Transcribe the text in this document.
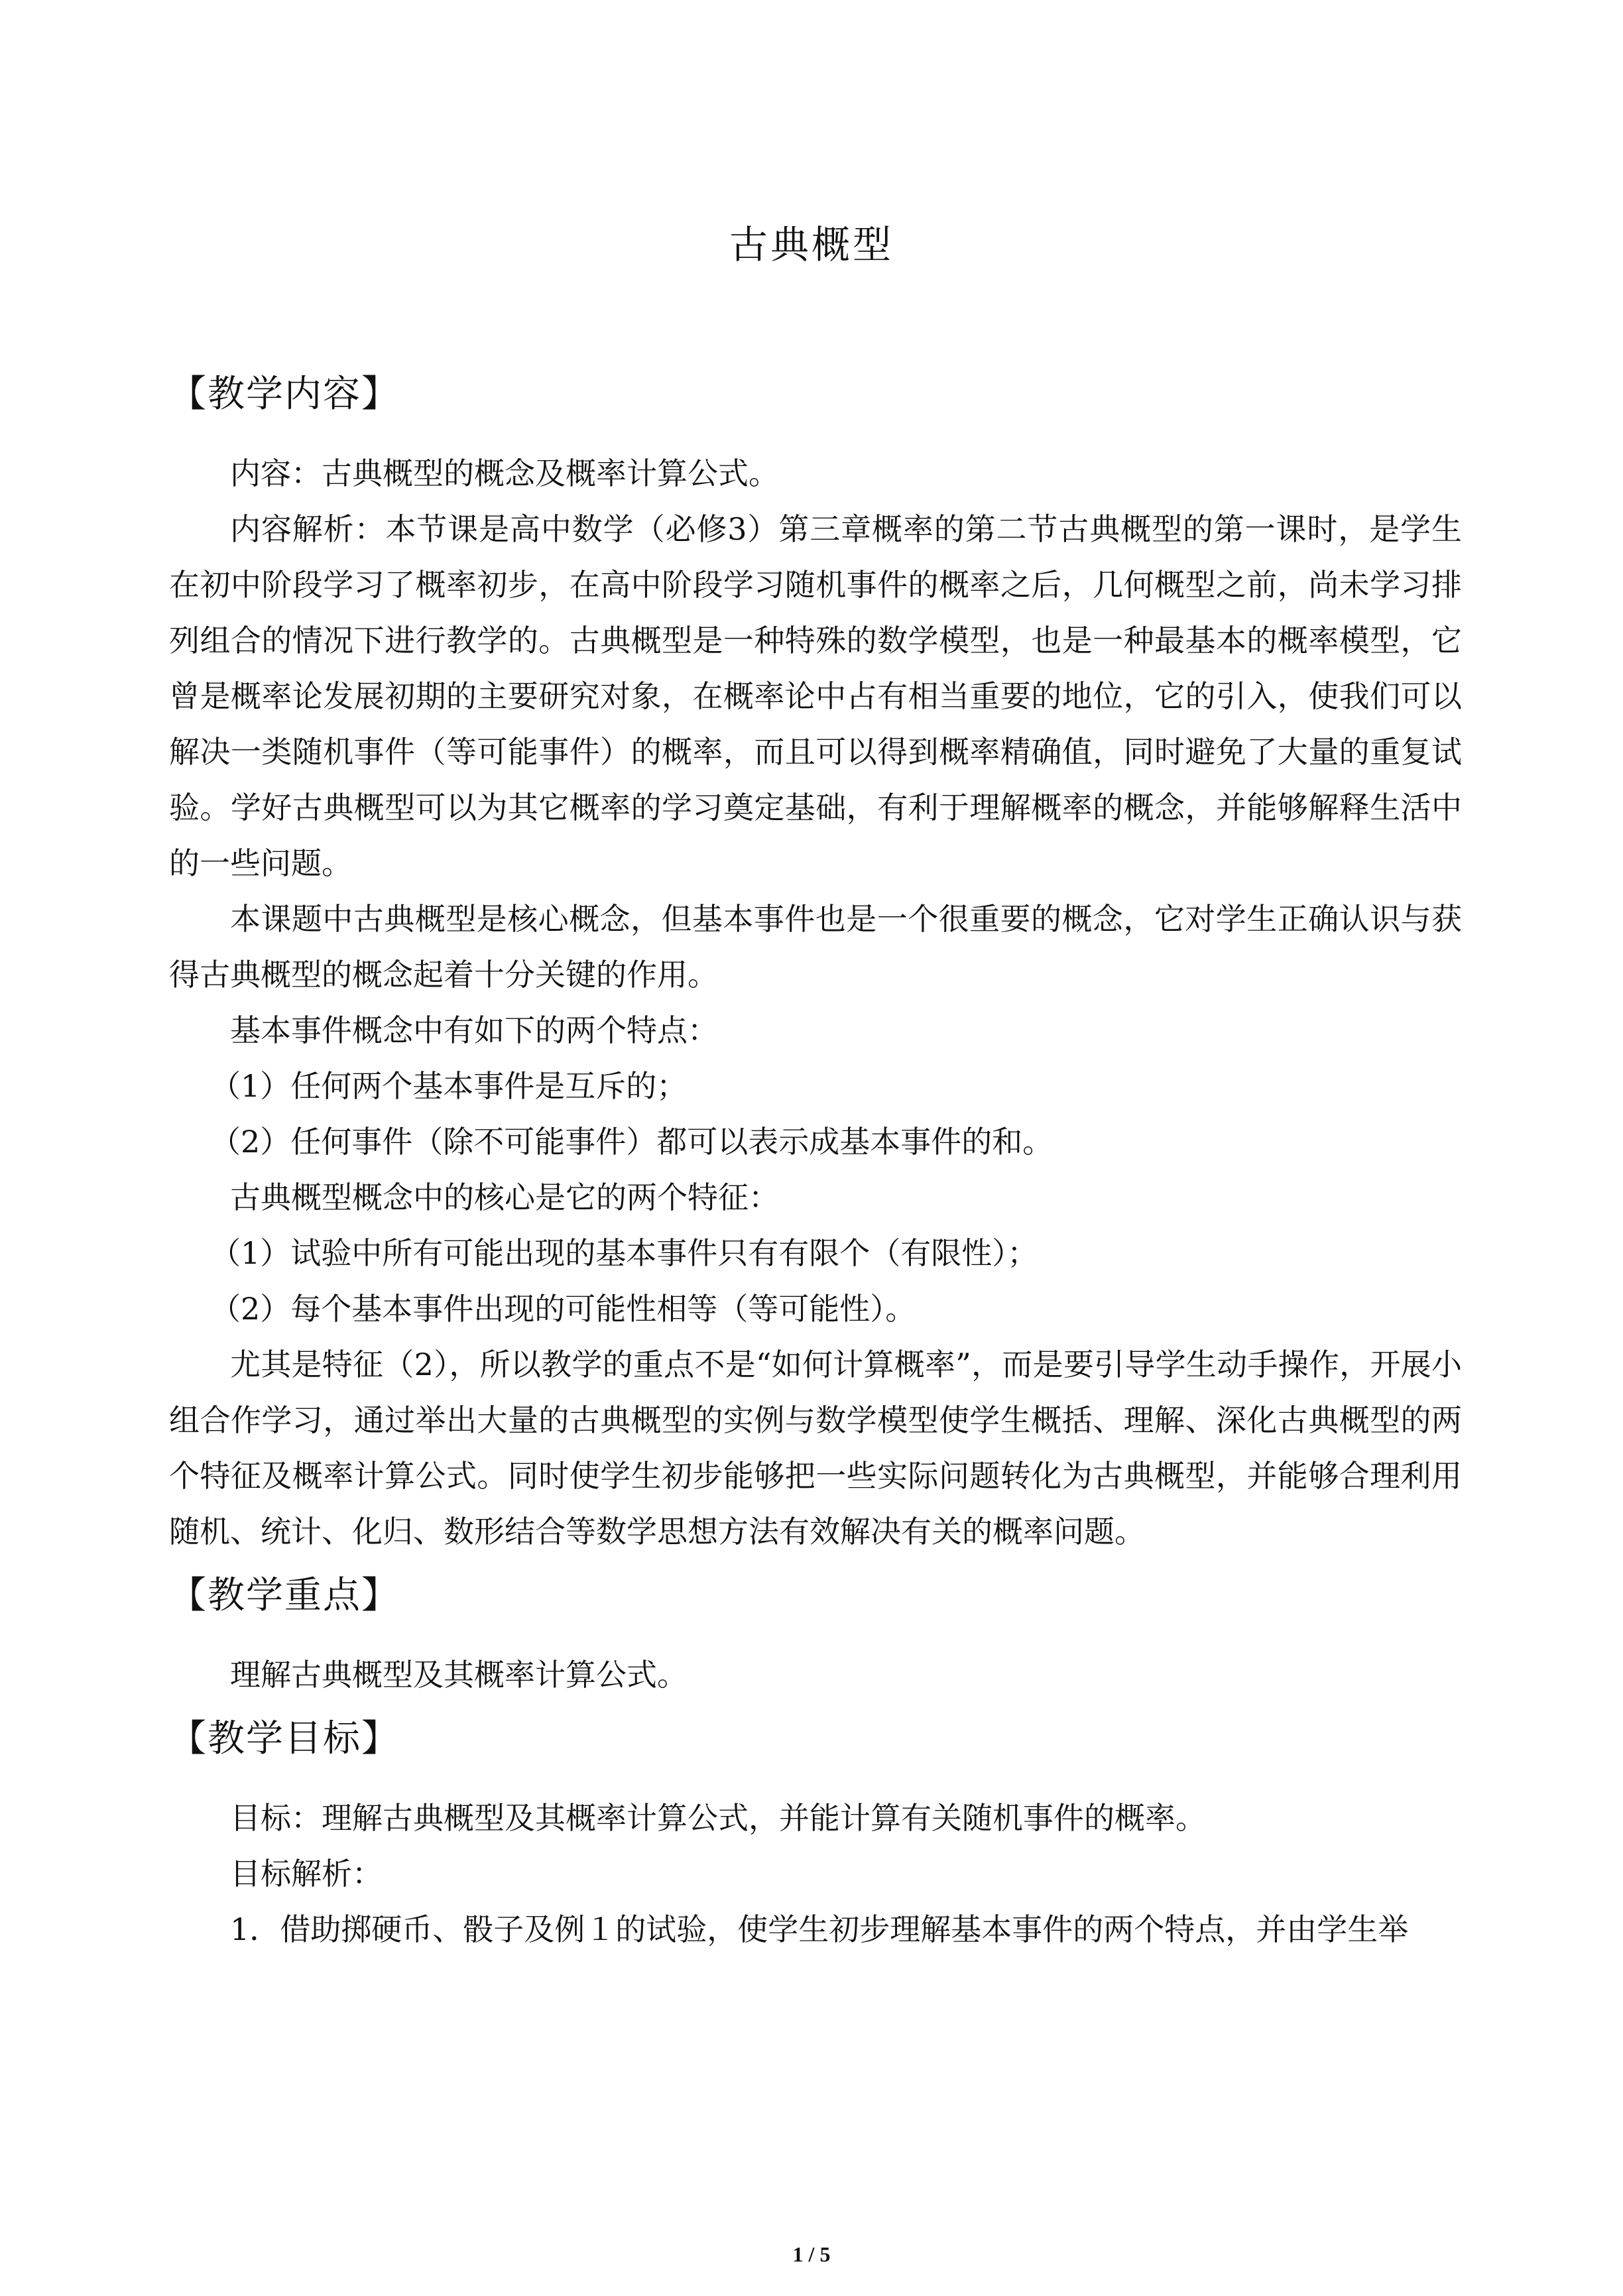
古典概型
【教学内容】

内容：古典概型的概念及概率计算公式。

内容解析：本节课是高中数学（必修3）第三章概率的第二节古典概型的第一课时，是学生在初中阶段学习了概率初步，在高中阶段学习随机事件的概率之后，几何概型之前，尚未学习排列组合的情况下进行教学的。古典概型是一种特殊的数学模型，也是一种最基本的概率模型，它曾是概率论发展初期的主要研究对象，在概率论中占有相当重要的地位，它的引入，使我们可以解决一类随机事件（等可能事件）的概率，而且可以得到概率精确值，同时避免了大量的重复试验。学好古典概型可以为其它概率的学习奠定基础，有利于理解概率的概念，并能够解释生活中的一些问题。

本课题中古典概型是核心概念，但基本事件也是一个很重要的概念，它对学生正确认识与获得古典概型的概念起着十分关键的作用。

基本事件概念中有如下的两个特点：

（1）任何两个基本事件是互斥的；

（2）任何事件（除不可能事件）都可以表示成基本事件的和。

古典概型概念中的核心是它的两个特征：

（1）试验中所有可能出现的基本事件只有有限个（有限性）；

（2）每个基本事件出现的可能性相等（等可能性）。

尤其是特征（2），所以教学的重点不是“如何计算概率”，而是要引导学生动手操作，开展小组合作学习，通过举出大量的古典概型的实例与数学模型使学生概括、理解、深化古典概型的两个特征及概率计算公式。同时使学生初步能够把一些实际问题转化为古典概型，并能够合理利用随机、统计、化归、数形结合等数学思想方法有效解决有关的概率问题。

【教学重点】

理解古典概型及其概率计算公式。

【教学目标】

目标：理解古典概型及其概率计算公式，并能计算有关随机事件的概率。

目标解析：

1．借助掷硬币、骰子及例１的试验，使学生初步理解基本事件的两个特点，并由学生举

1 / 5
